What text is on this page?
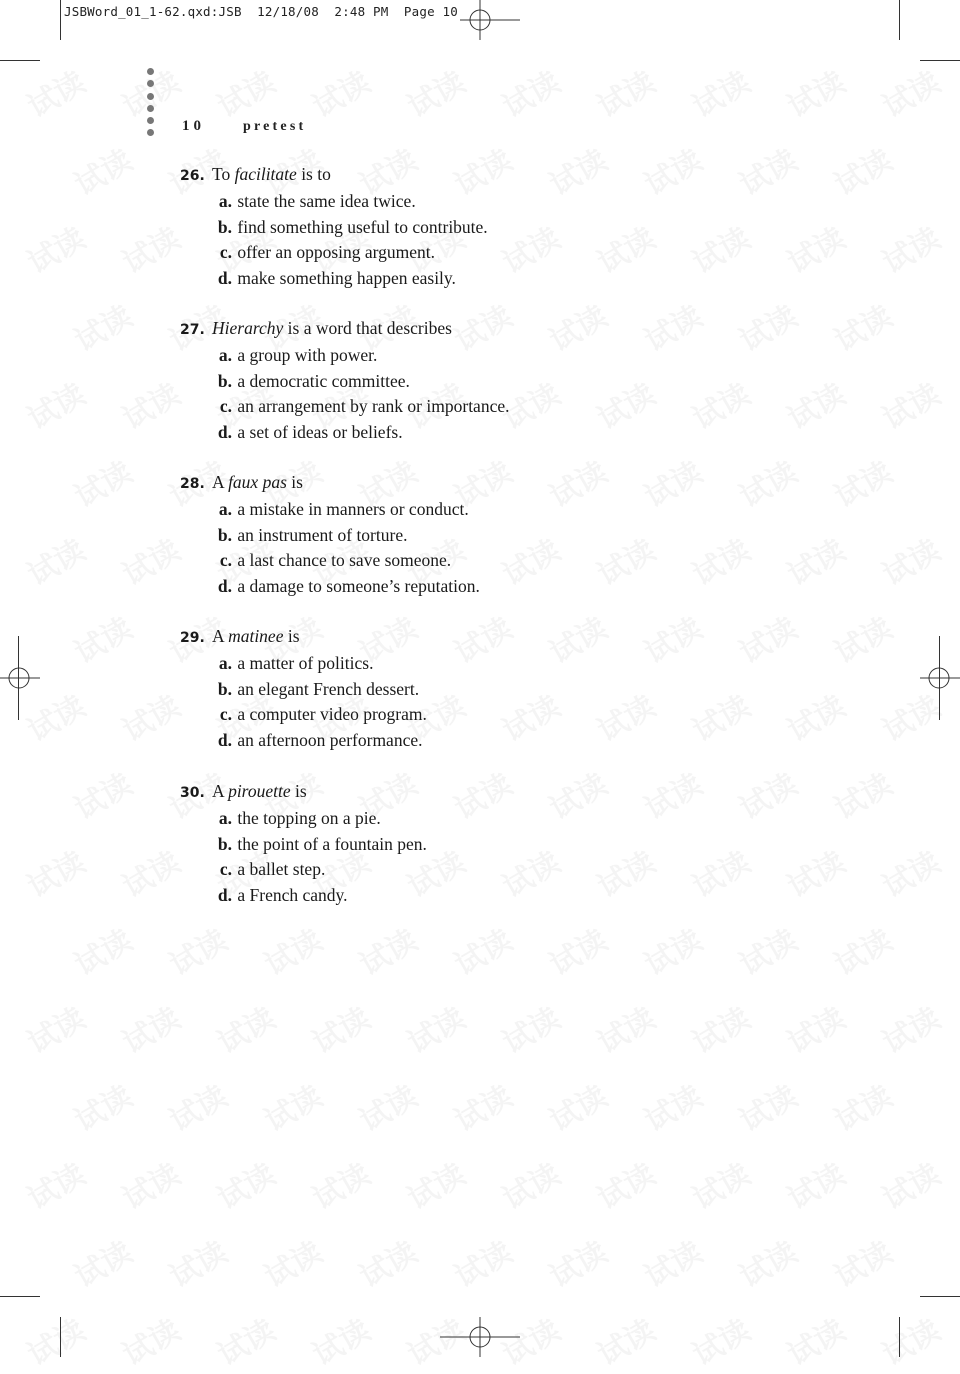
JSBWord_01_1-62.qxd:JSB  12/18/08  2:48 PM  Page 10
10	pretest
26. To facilitate is to
a. state the same idea twice.
b. find something useful to contribute.
c. offer an opposing argument.
d. make something happen easily.
27. Hierarchy is a word that describes
a. a group with power.
b. a democratic committee.
c. an arrangement by rank or importance.
d. a set of ideas or beliefs.
28. A faux pas is
a. a mistake in manners or conduct.
b. an instrument of torture.
c. a last chance to save someone.
d. a damage to someone’s reputation.
29. A matinee is
a. a matter of politics.
b. an elegant French dessert.
c. a computer video program.
d. an afternoon performance.
30. A pirouette is
a. the topping on a pie.
b. the point of a fountain pen.
c. a ballet step.
d. a French candy.
